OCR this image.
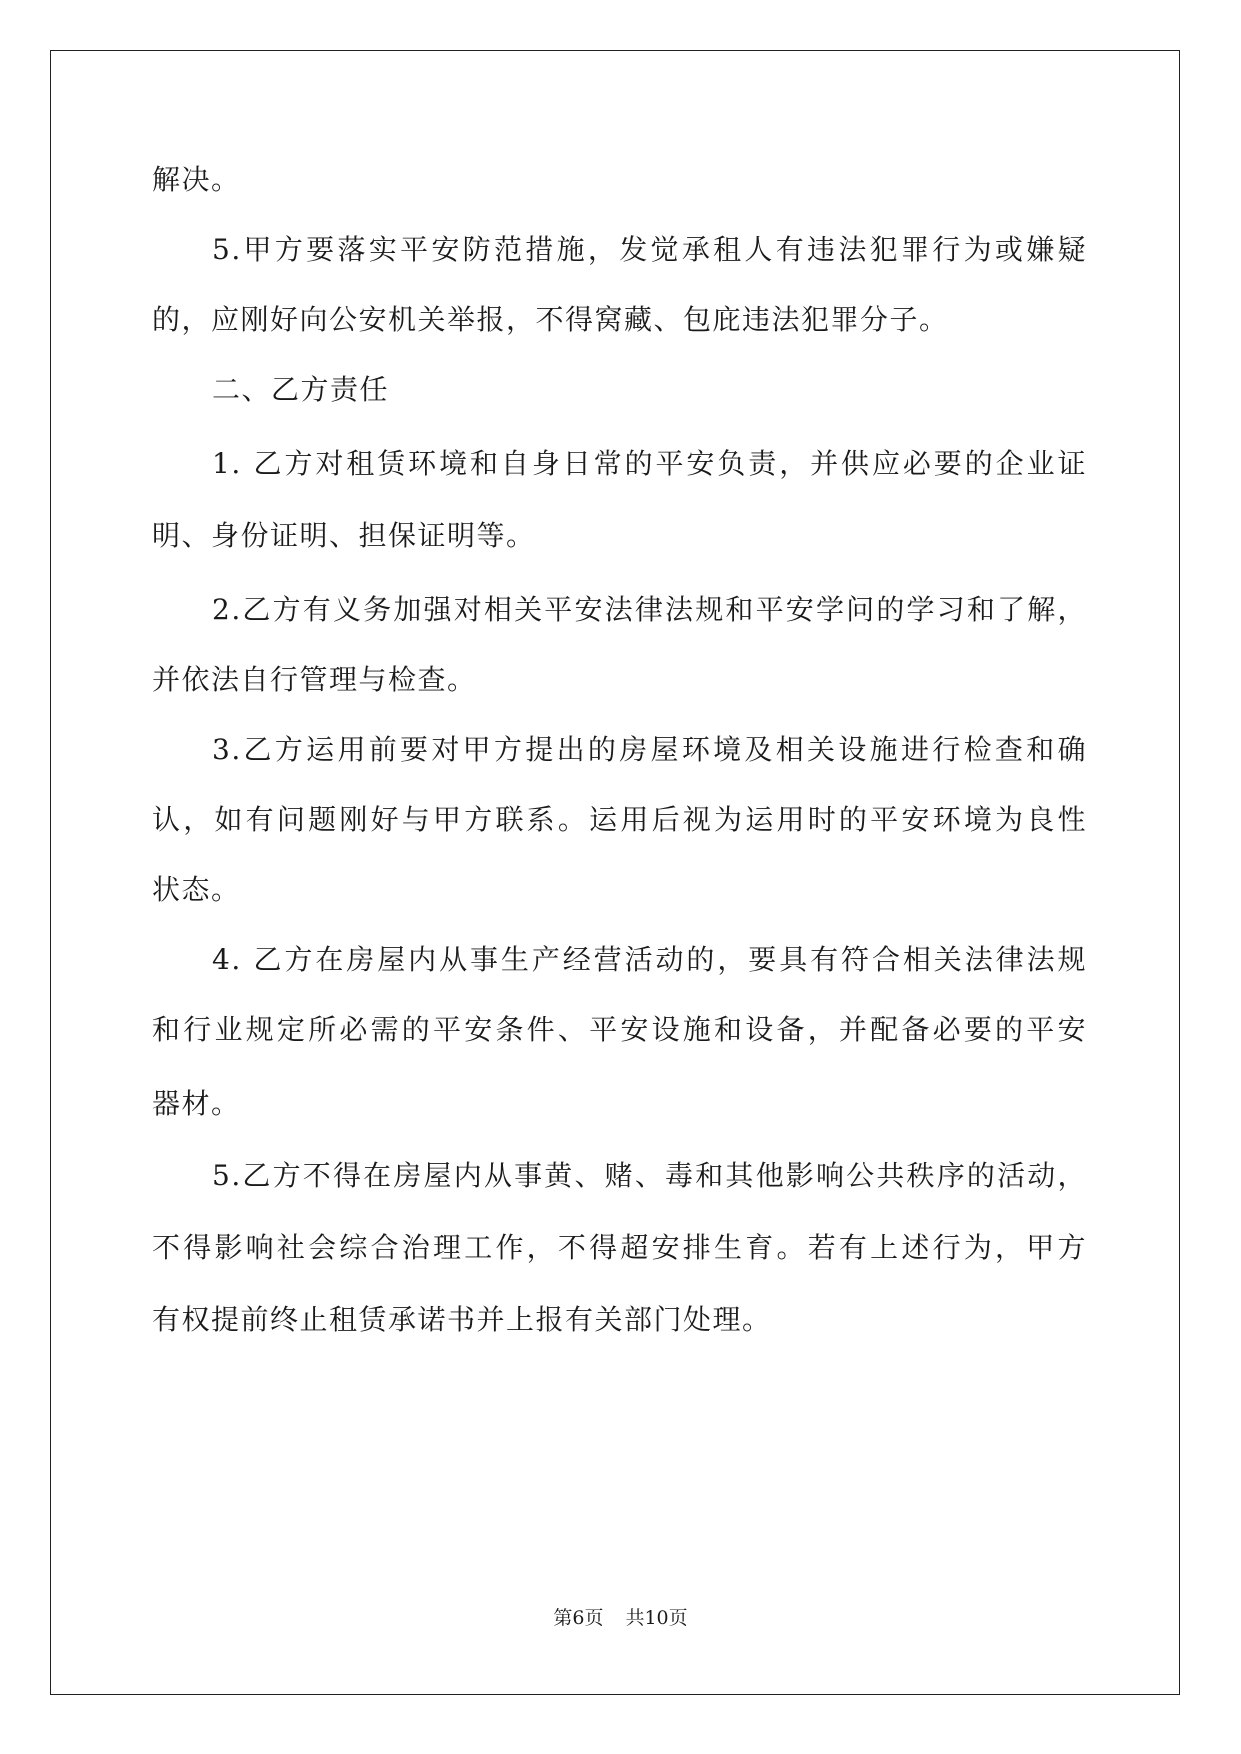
解决。
5.甲方要落实平安防范措施，发觉承租人有违法犯罪行为或嫌疑
的，应刚好向公安机关举报，不得窝藏、包庇违法犯罪分子。
二、乙方责任
1. 乙方对租赁环境和自身日常的平安负责，并供应必要的企业证
明、身份证明、担保证明等。
2.乙方有义务加强对相关平安法律法规和平安学问的学习和了解，
并依法自行管理与检查。
3.乙方运用前要对甲方提出的房屋环境及相关设施进行检查和确
认，如有问题刚好与甲方联系。运用后视为运用时的平安环境为良性
状态。
4. 乙方在房屋内从事生产经营活动的，要具有符合相关法律法规
和行业规定所必需的平安条件、平安设施和设备，并配备必要的平安
器材。
5.乙方不得在房屋内从事黄、赌、毒和其他影响公共秩序的活动，
不得影响社会综合治理工作，不得超安排生育。若有上述行为，甲方
有权提前终止租赁承诺书并上报有关部门处理。
第6页 共10页
